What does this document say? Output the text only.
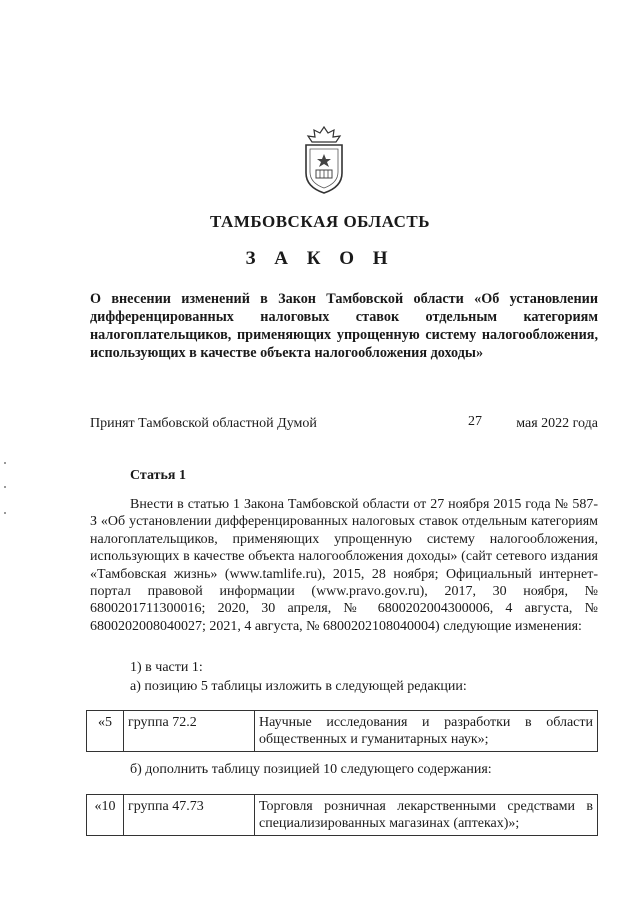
ТАМБОВСКАЯ ОБЛАСТЬ
З А К О Н
О внесении изменений в Закон Тамбовской области «Об установлении дифференцированных налоговых ставок отдельным категориям налогоплательщиков, применяющих упрощенную систему налогообложения, использующих в качестве объекта налогообложения доходы»
Принят Тамбовской областной Думой	27 мая 2022 года
Статья 1
Внести в статью 1 Закона Тамбовской области от 27 ноября 2015 года № 587-З «Об установлении дифференцированных налоговых ставок отдельным категориям налогоплательщиков, применяющих упрощенную систему налогообложения, использующих в качестве объекта налогообложения доходы» (сайт сетевого издания «Тамбовская жизнь» (www.tamlife.ru), 2015, 28 ноября; Официальный интернет-портал правовой информации (www.pravo.gov.ru), 2017, 30 ноября, № 6800201711300016; 2020, 30 апреля, № 6800202004300006, 4 августа, № 6800202008040027; 2021, 4 августа, № 6800202108040004) следующие изменения:
1) в части 1:
а) позицию 5 таблицы изложить в следующей редакции:
«5	группа 72.2	Научные исследования и разработки в области общественных и гуманитарных наук»;
б) дополнить таблицу позицией 10 следующего содержания:
«10	группа 47.73	Торговля розничная лекарственными средствами в специализированных магазинах (аптеках)»;
